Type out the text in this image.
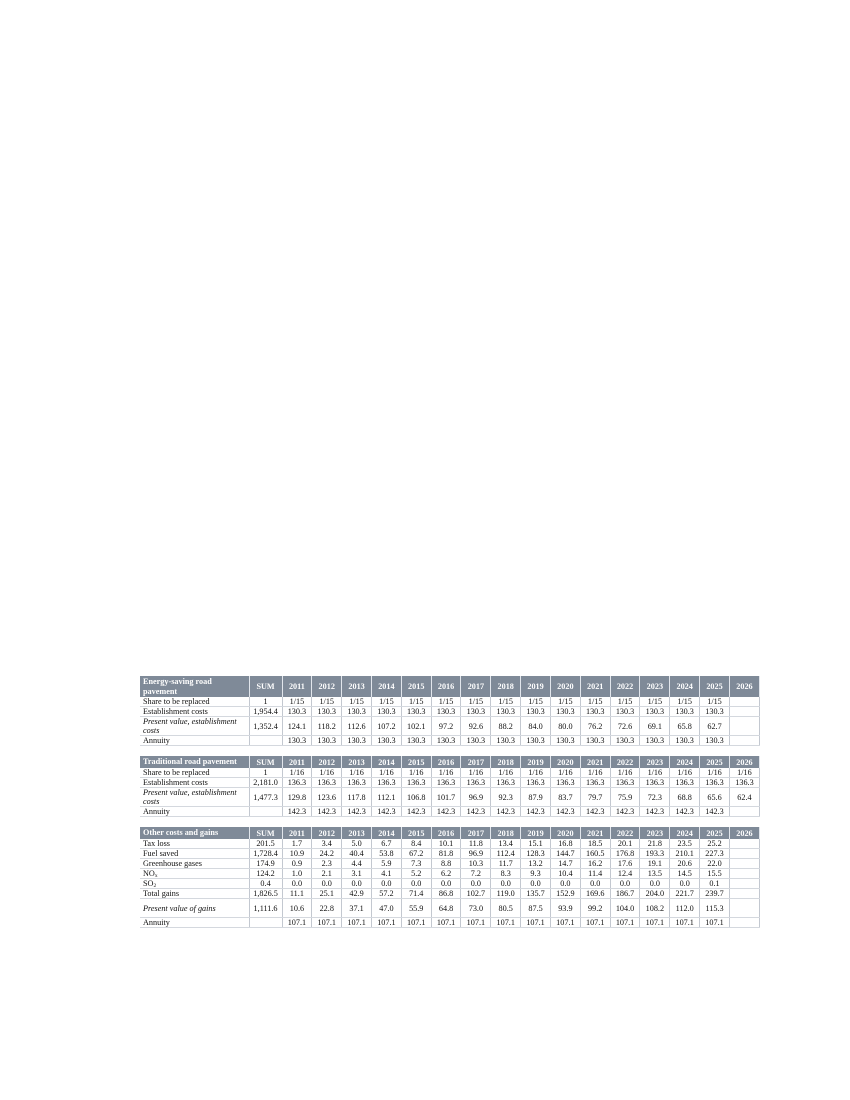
Energy-saving road pavement	SUM	2011	2012	2013	2014	2015	2016	2017	2018	2019	2020	2021	2022	2023	2024	2025	2026
Share to be replaced	1	1/15	1/15	1/15	1/15	1/15	1/15	1/15	1/15	1/15	1/15	1/15	1/15	1/15	1/15	1/15	
Establishment costs	1,954.4	130.3	130.3	130.3	130.3	130.3	130.3	130.3	130.3	130.3	130.3	130.3	130.3	130.3	130.3	130.3	
Present value, establishment costs	1,352.4	124.1	118.2	112.6	107.2	102.1	97.2	92.6	88.2	84.0	80.0	76.2	72.6	69.1	65.8	62.7	
Annuity		130.3	130.3	130.3	130.3	130.3	130.3	130.3	130.3	130.3	130.3	130.3	130.3	130.3	130.3	130.3	

Traditional road pavement	SUM	2011	2012	2013	2014	2015	2016	2017	2018	2019	2020	2021	2022	2023	2024	2025	2026
Share to be replaced	1	1/16	1/16	1/16	1/16	1/16	1/16	1/16	1/16	1/16	1/16	1/16	1/16	1/16	1/16	1/16	1/16
Establishment costs	2,181.0	136.3	136.3	136.3	136.3	136.3	136.3	136.3	136.3	136.3	136.3	136.3	136.3	136.3	136.3	136.3	136.3
Present value, establishment costs	1,477.3	129.8	123.6	117.8	112.1	106.8	101.7	96.9	92.3	87.9	83.7	79.7	75.9	72.3	68.8	65.6	62.4
Annuity		142.3	142.3	142.3	142.3	142.3	142.3	142.3	142.3	142.3	142.3	142.3	142.3	142.3	142.3	142.3	

Other costs and gains	SUM	2011	2012	2013	2014	2015	2016	2017	2018	2019	2020	2021	2022	2023	2024	2025	2026
Tax loss	201.5	1.7	3.4	5.0	6.7	8.4	10.1	11.8	13.4	15.1	16.8	18.5	20.1	21.8	23.5	25.2	
Fuel saved	1,728.4	10.9	24.2	40.4	53.8	67.2	81.8	96.9	112.4	128.3	144.7	160.5	176.8	193.3	210.1	227.3	
Greenhouse gases	174.9	0.9	2.3	4.4	5.9	7.3	8.8	10.3	11.7	13.2	14.7	16.2	17.6	19.1	20.6	22.0	
$NO_x$	124.2	1.0	2.1	3.1	4.1	5.2	6.2	7.2	8.3	9.3	10.4	11.4	12.4	13.5	14.5	15.5	
$SO_2$	0.4	0.0	0.0	0.0	0.0	0.0	0.0	0.0	0.0	0.0	0.0	0.0	0.0	0.0	0.0	0.1	
Total gains	1,826.5	11.1	25.1	42.9	57.2	71.4	86.8	102.7	119.0	135.7	152.9	169.6	186.7	204.0	221.7	239.7	
Present value of gains	1,111.6	10.6	22.8	37.1	47.0	55.9	64.8	73.0	80.5	87.5	93.9	99.2	104.0	108.2	112.0	115.3	
Annuity		107.1	107.1	107.1	107.1	107.1	107.1	107.1	107.1	107.1	107.1	107.1	107.1	107.1	107.1	107.1	
